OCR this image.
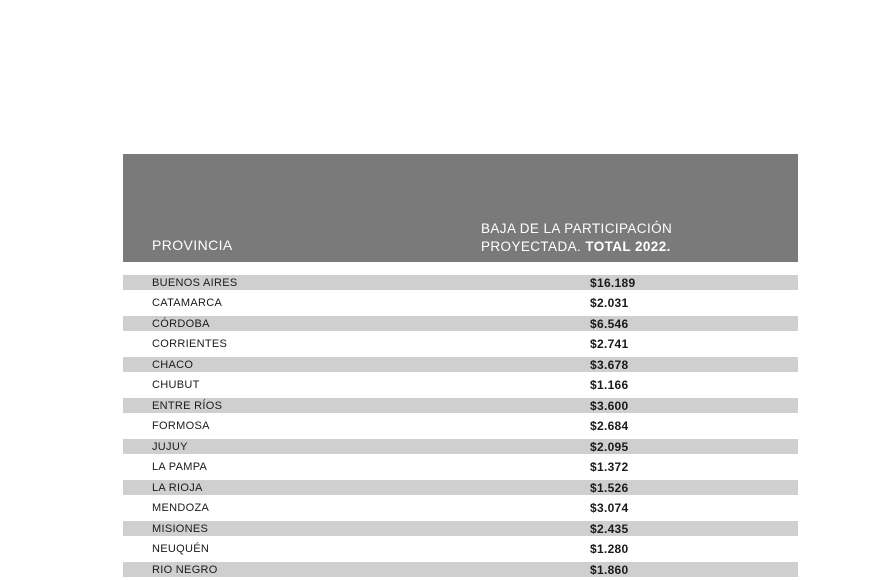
PROVINCIA
BAJA DE LA PARTICIPACIÓN
PROYECTADA. TOTAL 2022.
BUENOS AIRES	$16.189
CATAMARCA	$2.031
CÓRDOBA	$6.546
CORRIENTES	$2.741
CHACO	$3.678
CHUBUT	$1.166
ENTRE RÍOS	$3.600
FORMOSA	$2.684
JUJUY	$2.095
LA PAMPA	$1.372
LA RIOJA	$1.526
MENDOZA	$3.074
MISIONES	$2.435
NEUQUÉN	$1.280
RIO NEGRO	$1.860
